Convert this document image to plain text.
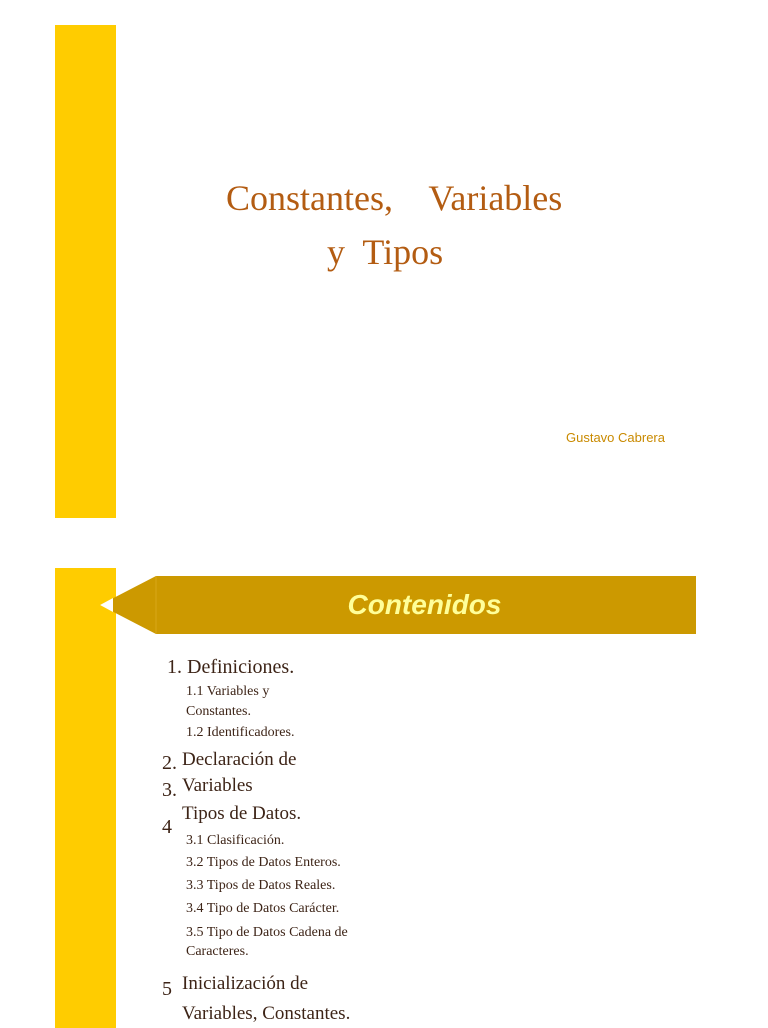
Constantes,    Variables
y  Tipos
Gustavo Cabrera
Contenidos
1. Definiciones.
1.1 Variables y
Constantes.
1.2 Identificadores.
2. Declaración de
3. Variables
4
Tipos de Datos.
3.1 Clasificación.
3.2 Tipos de Datos Enteros.
3.3 Tipos de Datos Reales.
3.4 Tipo de Datos Carácter.
3.5 Tipo de Datos Cadena de
Caracteres.
5 Inicialización de
Variables, Constantes.
